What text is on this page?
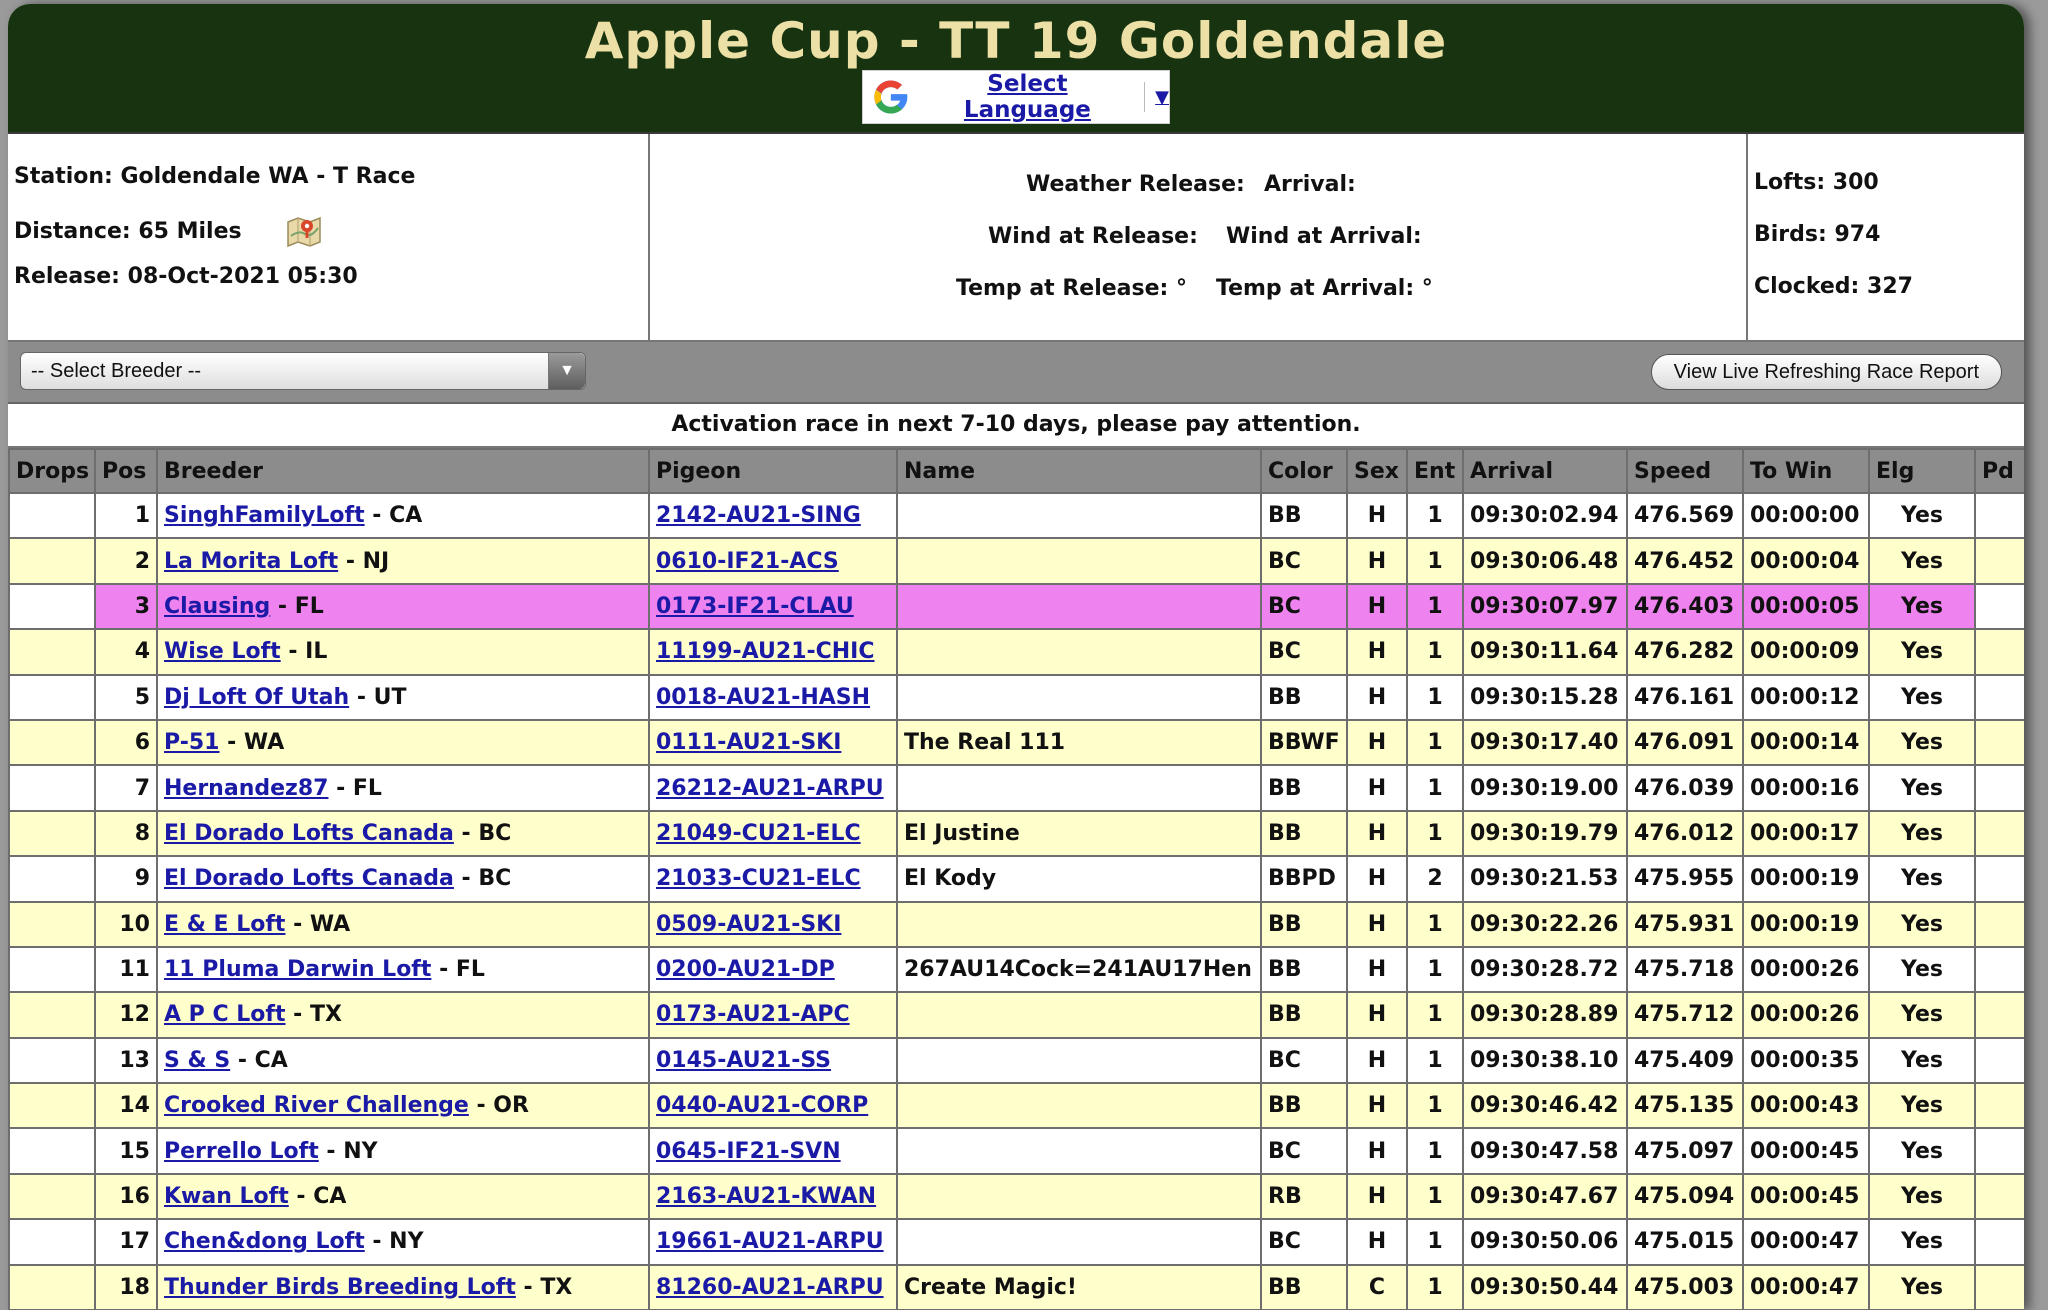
Apple Cup - TT 19 Goldendale
Select Language	▼
Station: Goldendale WA - T Race
Distance: 65 Miles
Release: 08-Oct-2021 05:30
Weather Release: Arrival:
Wind at Release: Wind at Arrival:
Temp at Release: ° Temp at Arrival: °
Lofts: 300
Birds: 974
Clocked: 327
-- Select Breeder --	▼	View Live Refreshing Race Report
Activation race in next 7-10 days, please pay attention.
Drops	Pos	Breeder	Pigeon	Name	Color	Sex	Ent	Arrival	Speed	To Win	Elg	Pd
	1	SinghFamilyLoft - CA	2142-AU21-SING		BB	H	1	09:30:02.94	476.569	00:00:00	Yes	
	2	La Morita Loft - NJ	0610-IF21-ACS		BC	H	1	09:30:06.48	476.452	00:00:04	Yes	
	3	Clausing - FL	0173-IF21-CLAU		BC	H	1	09:30:07.97	476.403	00:00:05	Yes	
	4	Wise Loft - IL	11199-AU21-CHIC		BC	H	1	09:30:11.64	476.282	00:00:09	Yes	
	5	Dj Loft Of Utah - UT	0018-AU21-HASH		BB	H	1	09:30:15.28	476.161	00:00:12	Yes	
	6	P-51 - WA	0111-AU21-SKI	The Real 111	BBWF	H	1	09:30:17.40	476.091	00:00:14	Yes	
	7	Hernandez87 - FL	26212-AU21-ARPU		BB	H	1	09:30:19.00	476.039	00:00:16	Yes	
	8	El Dorado Lofts Canada - BC	21049-CU21-ELC	El Justine	BB	H	1	09:30:19.79	476.012	00:00:17	Yes	
	9	El Dorado Lofts Canada - BC	21033-CU21-ELC	El Kody	BBPD	H	2	09:30:21.53	475.955	00:00:19	Yes	
	10	E & E Loft - WA	0509-AU21-SKI		BB	H	1	09:30:22.26	475.931	00:00:19	Yes	
	11	11 Pluma Darwin Loft - FL	0200-AU21-DP	267AU14Cock=241AU17Hen	BB	H	1	09:30:28.72	475.718	00:00:26	Yes	
	12	A P C Loft - TX	0173-AU21-APC		BB	H	1	09:30:28.89	475.712	00:00:26	Yes	
	13	S & S - CA	0145-AU21-SS		BC	H	1	09:30:38.10	475.409	00:00:35	Yes	
	14	Crooked River Challenge - OR	0440-AU21-CORP		BB	H	1	09:30:46.42	475.135	00:00:43	Yes	
	15	Perrello Loft - NY	0645-IF21-SVN		BC	H	1	09:30:47.58	475.097	00:00:45	Yes	
	16	Kwan Loft - CA	2163-AU21-KWAN		RB	H	1	09:30:47.67	475.094	00:00:45	Yes	
	17	Chen&dong Loft - NY	19661-AU21-ARPU		BC	H	1	09:30:50.06	475.015	00:00:47	Yes	
	18	Thunder Birds Breeding Loft - TX	81260-AU21-ARPU	Create Magic!	BB	C	1	09:30:50.44	475.003	00:00:47	Yes	
